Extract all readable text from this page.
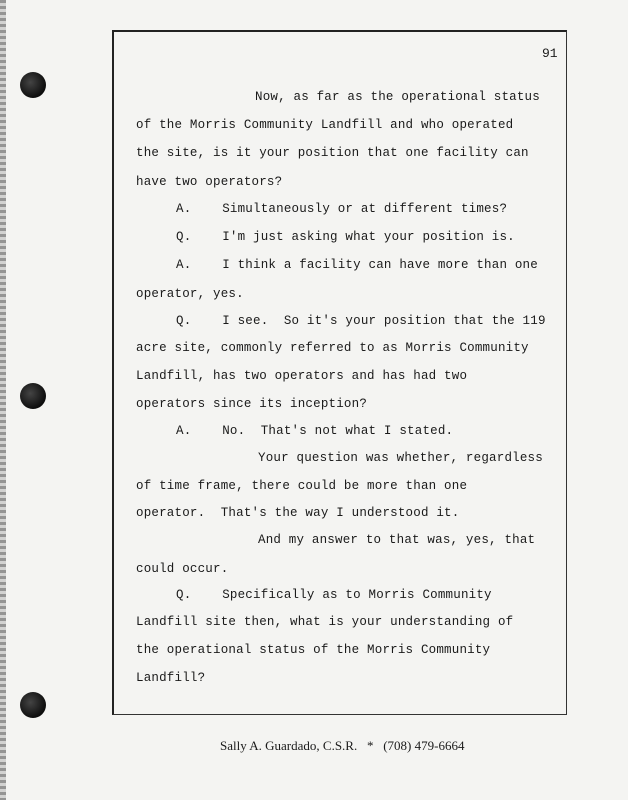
91
Now, as far as the operational status
of the Morris Community Landfill and who operated
the site, is it your position that one facility can
have two operators?
A.    Simultaneously or at different times?
Q.    I'm just asking what your position is.
A.    I think a facility can have more than one
operator, yes.
Q.    I see.  So it's your position that the 119
acre site, commonly referred to as Morris Community
Landfill, has two operators and has had two
operators since its inception?
A.    No.  That's not what I stated.
Your question was whether, regardless
of time frame, there could be more than one
operator.  That's the way I understood it.
And my answer to that was, yes, that
could occur.
Q.    Specifically as to Morris Community
Landfill site then, what is your understanding of
the operational status of the Morris Community
Landfill?
Sally A. Guardado, C.S.R.   *   (708) 479-6664
